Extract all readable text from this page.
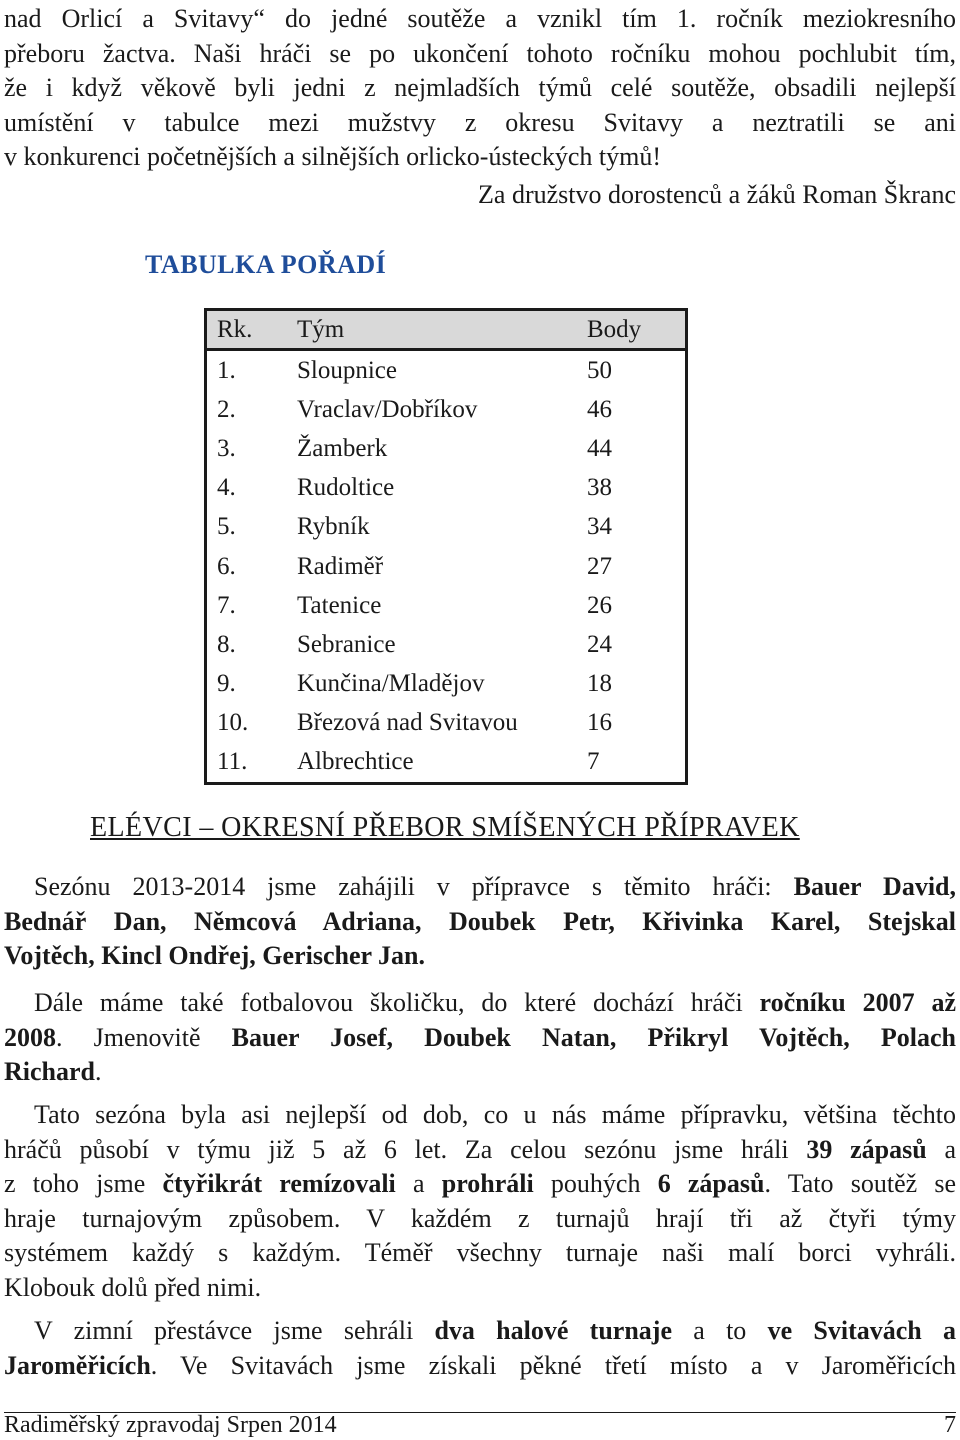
nad Orlicí a Svitavy“ do jedné soutěže a vznikl tím 1. ročník meziokresního
přeboru žactva. Naši hráči se po ukončení tohoto ročníku mohou pochlubit tím,
že i když věkově byli jedni z nejmladších týmů celé soutěže, obsadili nejlepší
umístění v tabulce mezi mužstvy z okresu Svitavy a neztratili se ani
v konkurenci početnějších a silnějších orlicko-ústeckých týmů!
Za družstvo dorostenců a žáků Roman Škranc
TABULKA POŘADÍ
Rk.	Tým	Body
1.	Sloupnice	50
2.	Vraclav/Dobříkov	46
3.	Žamberk	44
4.	Rudoltice	38
5.	Rybník	34
6.	Radiměř	27
7.	Tatenice	26
8.	Sebranice	24
9.	Kunčina/Mladějov	18
10.	Březová nad Svitavou	16
11.	Albrechtice	7
ELÉVCI – OKRESNÍ PŘEBOR SMÍŠENÝCH PŘÍPRAVEK
Sezónu 2013-2014 jsme zahájili v přípravce s těmito hráči: Bauer David,
Bednář Dan, Němcová Adriana, Doubek Petr, Křivinka Karel, Stejskal
Vojtěch, Kincl Ondřej, Gerischer Jan.
Dále máme také fotbalovou školičku, do které dochází hráči ročníku 2007 až
2008. Jmenovitě Bauer Josef, Doubek Natan, Přikryl Vojtěch, Polach
Richard.
Tato sezóna byla asi nejlepší od dob, co u nás máme přípravku, většina těchto
hráčů působí v týmu již 5 až 6 let. Za celou sezónu jsme hráli 39 zápasů a
z toho jsme čtyřikrát remízovali a prohráli pouhých 6 zápasů. Tato soutěž se
hraje turnajovým způsobem. V každém z turnajů hrají tři až čtyři týmy
systémem každý s každým. Téměř všechny turnaje naši malí borci vyhráli.
Klobouk dolů před nimi.
V zimní přestávce jsme sehráli dva halové turnaje a to ve Svitavách a
Jaroměřicích. Ve Svitavách jsme získali pěkné třetí místo a v Jaroměřicích
Radiměřský zpravodaj Srpen 2014	7
